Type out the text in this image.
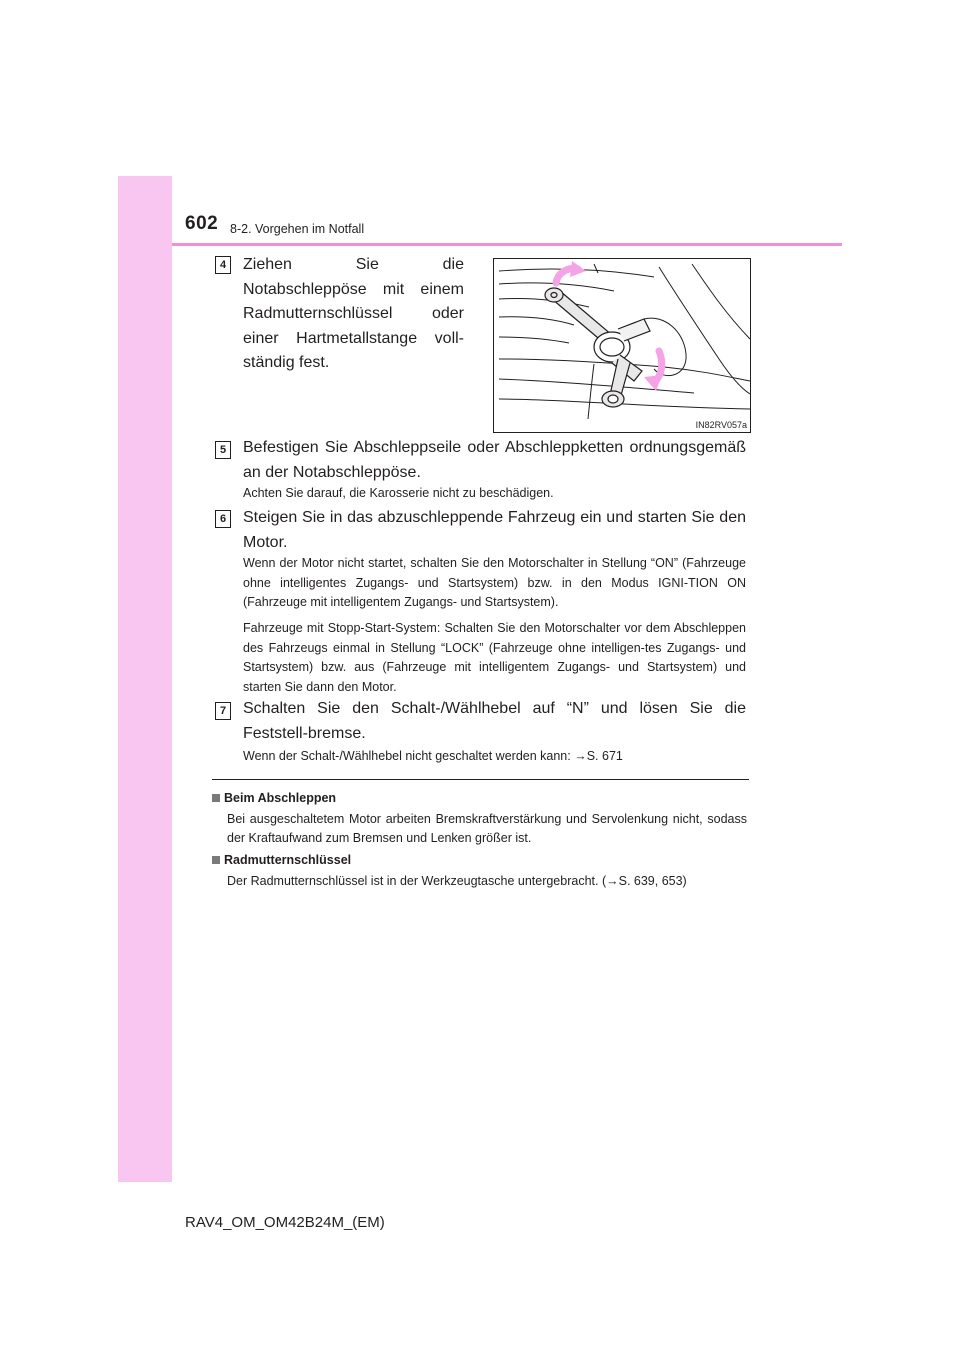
602 8-2. Vorgehen im Notfall
4	Ziehen Sie die Notabschleppöse mit einem Radmutternschlüssel oder einer Hartmetallstange voll-ständig fest.
IN82RV057a
5	Befestigen Sie Abschleppseile oder Abschleppketten ordnungsgemäß an der Notabschleppöse.
Achten Sie darauf, die Karosserie nicht zu beschädigen.
6	Steigen Sie in das abzuschleppende Fahrzeug ein und starten Sie den Motor.
Wenn der Motor nicht startet, schalten Sie den Motorschalter in Stellung “ON” (Fahrzeuge ohne intelligentes Zugangs- und Startsystem) bzw. in den Modus IGNI-TION ON (Fahrzeuge mit intelligentem Zugangs- und Startsystem).
Fahrzeuge mit Stopp-Start-System: Schalten Sie den Motorschalter vor dem Abschleppen des Fahrzeugs einmal in Stellung “LOCK” (Fahrzeuge ohne intelligen-tes Zugangs- und Startsystem) bzw. aus (Fahrzeuge mit intelligentem Zugangs- und Startsystem) und starten Sie dann den Motor.
7	Schalten Sie den Schalt-/Wählhebel auf “N” und lösen Sie die Feststell-bremse.
Wenn der Schalt-/Wählhebel nicht geschaltet werden kann: →S. 671
Beim Abschleppen
Bei ausgeschaltetem Motor arbeiten Bremskraftverstärkung und Servolenkung nicht, sodass der Kraftaufwand zum Bremsen und Lenken größer ist.
Radmutternschlüssel
Der Radmutternschlüssel ist in der Werkzeugtasche untergebracht. (→S. 639, 653)
RAV4_OM_OM42B24M_(EM)
